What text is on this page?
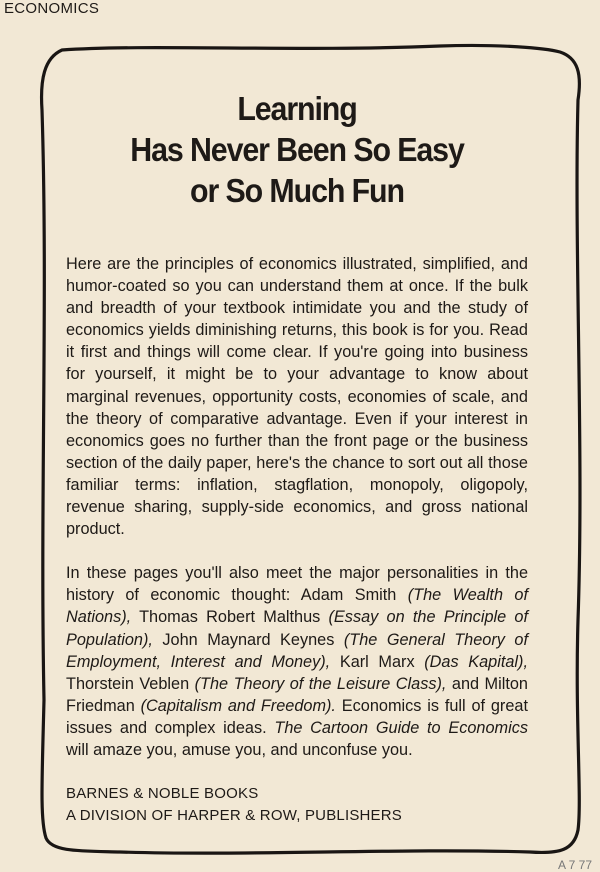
ECONOMICS
Learning
Has Never Been So Easy
or So Much Fun

Here are the principles of economics illustrated, simplified, and humor-coated so you can understand them at once. If the bulk and breadth of your textbook intimidate you and the study of economics yields diminishing returns, this book is for you. Read it first and things will come clear. If you're going into business for yourself, it might be to your advantage to know about marginal revenues, opportunity costs, economies of scale, and the theory of comparative advantage. Even if your interest in economics goes no further than the front page or the business section of the daily paper, here's the chance to sort out all those familiar terms: inflation, stagflation, monopoly, oligopoly, revenue sharing, supply-side economics, and gross national product.

In these pages you'll also meet the major personalities in the history of economic thought: Adam Smith (The Wealth of Nations), Thomas Robert Malthus (Essay on the Principle of Population), John Maynard Keynes (The General Theory of Employment, Interest and Money), Karl Marx (Das Kapital), Thorstein Veblen (The Theory of the Leisure Class), and Milton Friedman (Capitalism and Freedom). Economics is full of great issues and complex ideas. The Cartoon Guide to Economics will amaze you, amuse you, and unconfuse you.

BARNES & NOBLE BOOKS
A DIVISION OF HARPER & ROW, PUBLISHERS
A 7 77
